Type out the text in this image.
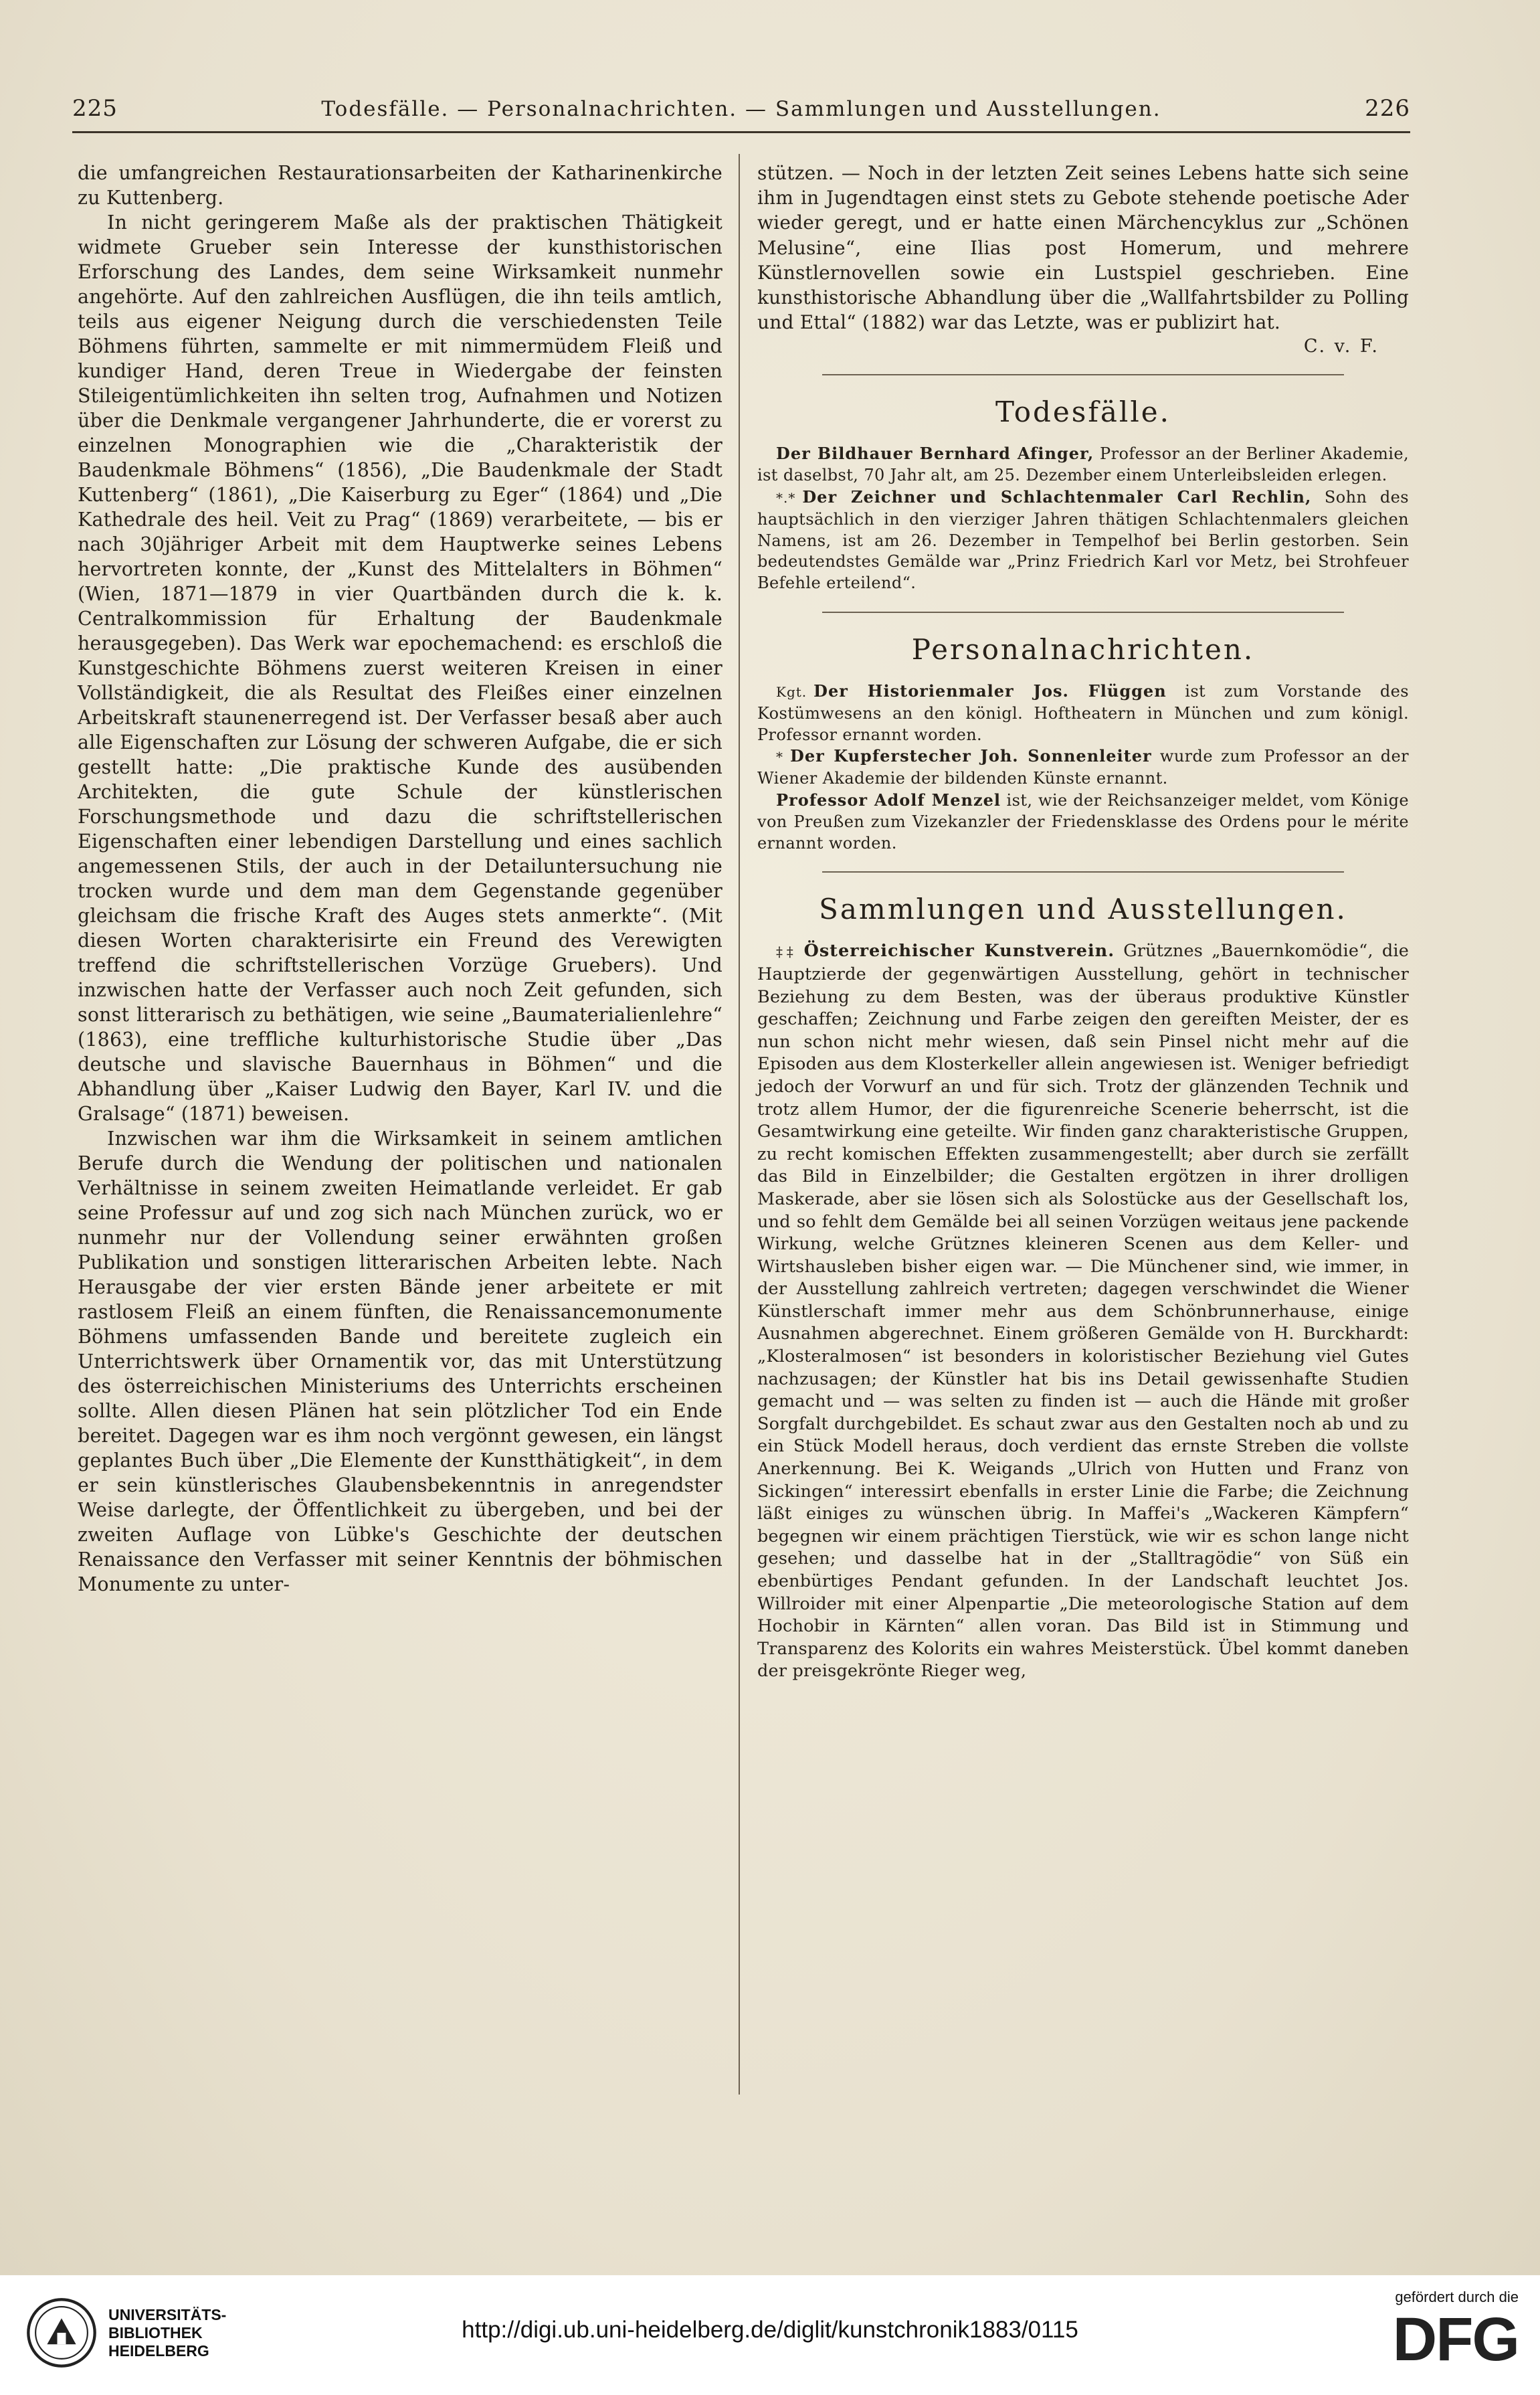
225	Todesfälle. — Personalnachrichten. — Sammlungen und Ausstellungen.	226

die umfangreichen Restaurationsarbeiten der Katharinenkirche zu Kuttenberg.

In nicht geringerem Maße als der praktischen Thätigkeit widmete Grueber sein Interesse der kunsthistorischen Erforschung des Landes, dem seine Wirksamkeit nunmehr angehörte. Auf den zahlreichen Ausflügen, die ihn teils amtlich, teils aus eigener Neigung durch die verschiedensten Teile Böhmens führten, sammelte er mit nimmermüdem Fleiß und kundiger Hand, deren Treue in Wiedergabe der feinsten Stileigentümlichkeiten ihn selten trog, Aufnahmen und Notizen über die Denkmale vergangener Jahrhunderte, die er vorerst zu einzelnen Monographien wie die „Charakteristik der Baudenkmale Böhmens“ (1856), „Die Baudenkmale der Stadt Kuttenberg“ (1861), „Die Kaiserburg zu Eger“ (1864) und „Die Kathedrale des heil. Veit zu Prag“ (1869) verarbeitete, — bis er nach 30jähriger Arbeit mit dem Hauptwerke seines Lebens hervortreten konnte, der „Kunst des Mittelalters in Böhmen“ (Wien, 1871—1879 in vier Quartbänden durch die k. k. Centralkommission für Erhaltung der Baudenkmale herausgegeben). Das Werk war epochemachend: es erschloß die Kunstgeschichte Böhmens zuerst weiteren Kreisen in einer Vollständigkeit, die als Resultat des Fleißes einer einzelnen Arbeitskraft staunenerregend ist. Der Verfasser besaß aber auch alle Eigenschaften zur Lösung der schweren Aufgabe, die er sich gestellt hatte: „Die praktische Kunde des ausübenden Architekten, die gute Schule der künstlerischen Forschungsmethode und dazu die schriftstellerischen Eigenschaften einer lebendigen Darstellung und eines sachlich angemessenen Stils, der auch in der Detailuntersuchung nie trocken wurde und dem man dem Gegenstande gegenüber gleichsam die frische Kraft des Auges stets anmerkte“. (Mit diesen Worten charakterisirte ein Freund des Verewigten treffend die schriftstellerischen Vorzüge Gruebers). Und inzwischen hatte der Verfasser auch noch Zeit gefunden, sich sonst litterarisch zu bethätigen, wie seine „Baumaterialienlehre“ (1863), eine treffliche kulturhistorische Studie über „Das deutsche und slavische Bauernhaus in Böhmen“ und die Abhandlung über „Kaiser Ludwig den Bayer, Karl IV. und die Gralsage“ (1871) beweisen.

Inzwischen war ihm die Wirksamkeit in seinem amtlichen Berufe durch die Wendung der politischen und nationalen Verhältnisse in seinem zweiten Heimatlande verleidet. Er gab seine Professur auf und zog sich nach München zurück, wo er nunmehr nur der Vollendung seiner erwähnten großen Publikation und sonstigen litterarischen Arbeiten lebte. Nach Herausgabe der vier ersten Bände jener arbeitete er mit rastlosem Fleiß an einem fünften, die Renaissancemonumente Böhmens umfassenden Bande und bereitete zugleich ein Unterrichtswerk über Ornamentik vor, das mit Unterstützung des österreichischen Ministeriums des Unterrichts erscheinen sollte. Allen diesen Plänen hat sein plötzlicher Tod ein Ende bereitet. Dagegen war es ihm noch vergönnt gewesen, ein längst geplantes Buch über „Die Elemente der Kunstthätigkeit“, in dem er sein künstlerisches Glaubensbekenntnis in anregendster Weise darlegte, der Öffentlichkeit zu übergeben, und bei der zweiten Auflage von Lübke's Geschichte der deutschen Renaissance den Verfasser mit seiner Kenntnis der böhmischen Monumente zu unter-

stützen. — Noch in der letzten Zeit seines Lebens hatte sich seine ihm in Jugendtagen einst stets zu Gebote stehende poetische Ader wieder geregt, und er hatte einen Märchencyklus zur „Schönen Melusine“, eine Ilias post Homerum, und mehrere Künstlernovellen sowie ein Lustspiel geschrieben. Eine kunsthistorische Abhandlung über die „Wallfahrtsbilder zu Polling und Ettal“ (1882) war das Letzte, was er publizirt hat.

C. v. F.
Todesfälle.

Der Bildhauer Bernhard Afinger, Professor an der Berliner Akademie, ist daselbst, 70 Jahr alt, am 25. Dezember einem Unterleibsleiden erlegen.

*.* Der Zeichner und Schlachtenmaler Carl Rechlin, Sohn des hauptsächlich in den vierziger Jahren thätigen Schlachtenmalers gleichen Namens, ist am 26. Dezember in Tempelhof bei Berlin gestorben. Sein bedeutendstes Gemälde war „Prinz Friedrich Karl vor Metz, bei Strohfeuer Befehle erteilend“.

Personalnachrichten.

Kgt. Der Historienmaler Jos. Flüggen ist zum Vorstande des Kostümwesens an den königl. Hoftheatern in München und zum königl. Professor ernannt worden.

* Der Kupferstecher Joh. Sonnenleiter wurde zum Professor an der Wiener Akademie der bildenden Künste ernannt.

Professor Adolf Menzel ist, wie der Reichsanzeiger meldet, vom Könige von Preußen zum Vizekanzler der Friedensklasse des Ordens pour le mérite ernannt worden.

Sammlungen und Ausstellungen.

‡‡ Österreichischer Kunstverein. Grütznes „Bauernkomödie“, die Hauptzierde der gegenwärtigen Ausstellung, gehört in technischer Beziehung zu dem Besten, was der überaus produktive Künstler geschaffen; Zeichnung und Farbe zeigen den gereiften Meister, der es nun schon nicht mehr wiesen, daß sein Pinsel nicht mehr auf die Episoden aus dem Klosterkeller allein angewiesen ist. Weniger befriedigt jedoch der Vorwurf an und für sich. Trotz der glänzenden Technik und trotz allem Humor, der die figurenreiche Scenerie beherrscht, ist die Gesamtwirkung eine geteilte. Wir finden ganz charakteristische Gruppen, zu recht komischen Effekten zusammengestellt; aber durch sie zerfällt das Bild in Einzelbilder; die Gestalten ergötzen in ihrer drolligen Maskerade, aber sie lösen sich als Solostücke aus der Gesellschaft los, und so fehlt dem Gemälde bei all seinen Vorzügen weitaus jene packende Wirkung, welche Grütznes kleineren Scenen aus dem Keller- und Wirtshausleben bisher eigen war. — Die Münchener sind, wie immer, in der Ausstellung zahlreich vertreten; dagegen verschwindet die Wiener Künstlerschaft immer mehr aus dem Schönbrunnerhause, einige Ausnahmen abgerechnet. Einem größeren Gemälde von H. Burckhardt: „Klosteralmosen“ ist besonders in koloristischer Beziehung viel Gutes nachzusagen; der Künstler hat bis ins Detail gewissenhafte Studien gemacht und — was selten zu finden ist — auch die Hände mit großer Sorgfalt durchgebildet. Es schaut zwar aus den Gestalten noch ab und zu ein Stück Modell heraus, doch verdient das ernste Streben die vollste Anerkennung. Bei K. Weigands „Ulrich von Hutten und Franz von Sickingen“ interessirt ebenfalls in erster Linie die Farbe; die Zeichnung läßt einiges zu wünschen übrig. In Maffei's „Wackeren Kämpfern“ begegnen wir einem prächtigen Tierstück, wie wir es schon lange nicht gesehen; und dasselbe hat in der „Stalltragödie“ von Süß ein ebenbürtiges Pendant gefunden. In der Landschaft leuchtet Jos. Willroider mit einer Alpenpartie „Die meteorologische Station auf dem Hochobir in Kärnten“ allen voran. Das Bild ist in Stimmung und Transparenz des Kolorits ein wahres Meisterstück. Übel kommt daneben der preisgekrönte Rieger weg,

UNIVERSITÄTS-
BIBLIOTHEK
HEIDELBERG
http://digi.ub.uni-heidelberg.de/diglit/kunstchronik1883/0115
gefördert durch die
DFG
